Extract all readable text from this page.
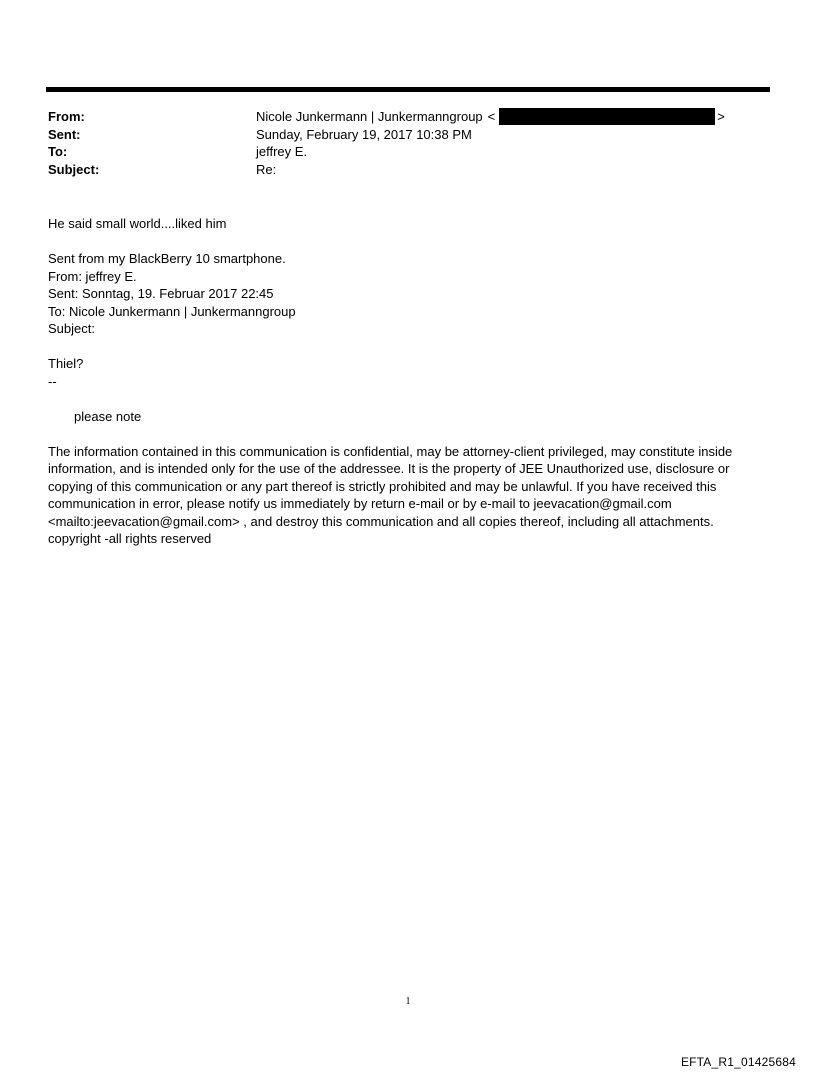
From:	Nicole Junkermann | Junkermanngroup <	>
Sent:	Sunday, February 19, 2017 10:38 PM
To:	jeffrey E.
Subject:	Re:
He said small world....liked him
Sent from my BlackBerry 10 smartphone.
From: jeffrey E.
Sent: Sonntag, 19. Februar 2017 22:45
To: Nicole Junkermann | Junkermanngroup
Subject:
Thiel?
--
please note
The information contained in this communication is confidential, may be attorney-client privileged, may constitute inside information, and is intended only for the use of the addressee. It is the property of JEE Unauthorized use, disclosure or copying of this communication or any part thereof is strictly prohibited and may be unlawful. If you have received this communication in error, please notify us immediately by return e-mail or by e-mail to jeevacation@gmail.com <mailto:jeevacation@gmail.com> , and destroy this communication and all copies thereof, including all attachments. copyright -all rights reserved
1
EFTA_R1_01425684
